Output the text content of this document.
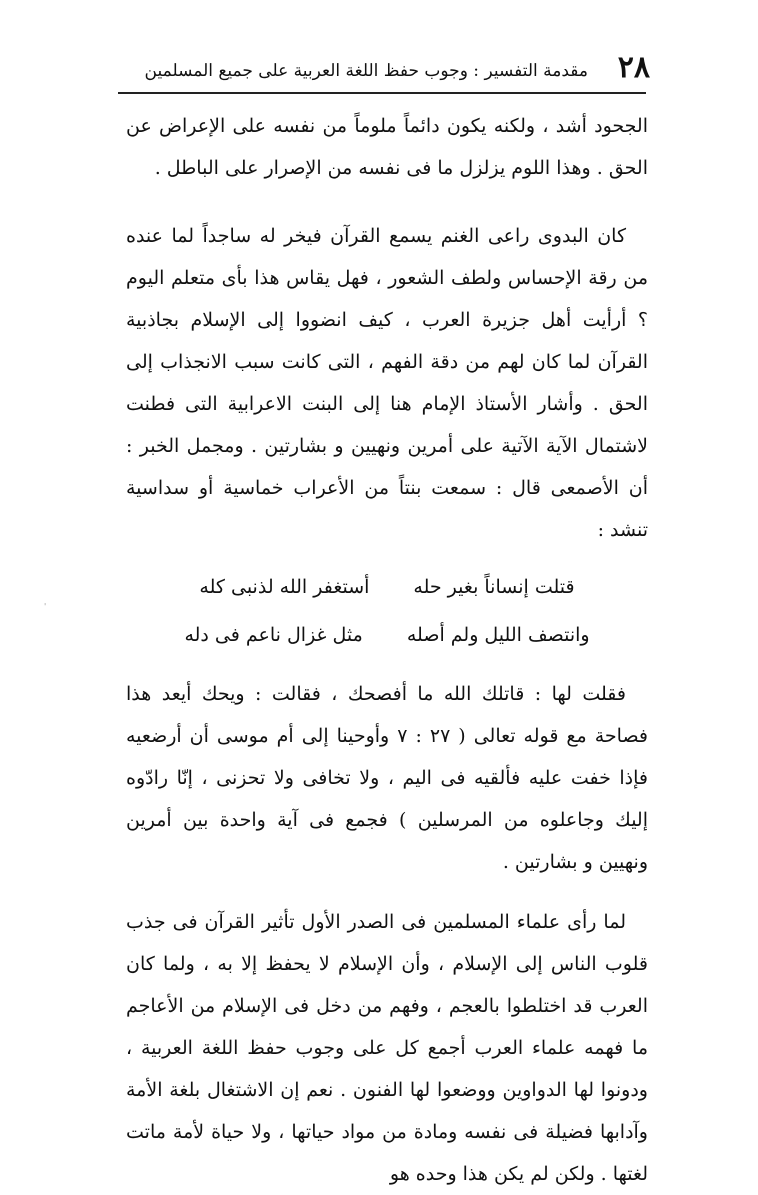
٢٨
مقدمة التفسير : وجوب حفظ اللغة العربية على جميع المسلمين

الجحود أشد ، ولكنه يكون دائماً ملوماً من نفسه على الإعراض عن الحق . وهذا اللوم يزلزل ما فى نفسه من الإصرار على الباطل .

كان البدوى راعى الغنم يسمع القرآن فيخر له ساجداً لما عنده من رقة الإحساس ولطف الشعور ، فهل يقاس هذا بأى متعلم اليوم ؟ أرأيت أهل جزيرة العرب ، كيف انضووا إلى الإسلام بجاذبية القرآن لما كان لهم من دقة الفهم ، التى كانت سبب الانجذاب إلى الحق . وأشار الأستاذ الإمام هنا إلى البنت الاعرابية التى فطنت لاشتمال الآية الآتية على أمرين ونهيين و بشارتين . ومجمل الخبر : أن الأصمعى قال : سمعت بنتاً من الأعراب خماسية أو سداسية تنشد :

قتلت إنساناً بغير حله
أستغفر الله لذنبى كله
وانتصف الليل ولم أصله
مثل غزال ناعم فى دله

فقلت لها : قاتلك الله ما أفصحك ، فقالت : ويحك أيعد هذا فصاحة مع قوله تعالى ( ٢٧ : ٧ وأوحينا إلى أم موسى أن أرضعيه فإذا خفت عليه فألقيه فى اليم ، ولا تخافى ولا تحزنى ، إنّا رادّوه إليك وجاعلوه من المرسلين ) فجمع فى آية واحدة بين أمرين ونهيين و بشارتين .

لما رأى علماء المسلمين فى الصدر الأول تأثير القرآن فى جذب قلوب الناس إلى الإسلام ، وأن الإسلام لا يحفظ إلا به ، ولما كان العرب قد اختلطوا بالعجم ، وفهم من دخل فى الإسلام من الأعاجم ما فهمه علماء العرب أجمع كل على وجوب حفظ اللغة العربية ، ودونوا لها الدواوين ووضعوا لها الفنون . نعم إن الاشتغال بلغة الأمة وآدابها فضيلة فى نفسه ومادة من مواد حياتها ، ولا حياة لأمة ماتت لغتها . ولكن لم يكن هذا وحده هو

'
